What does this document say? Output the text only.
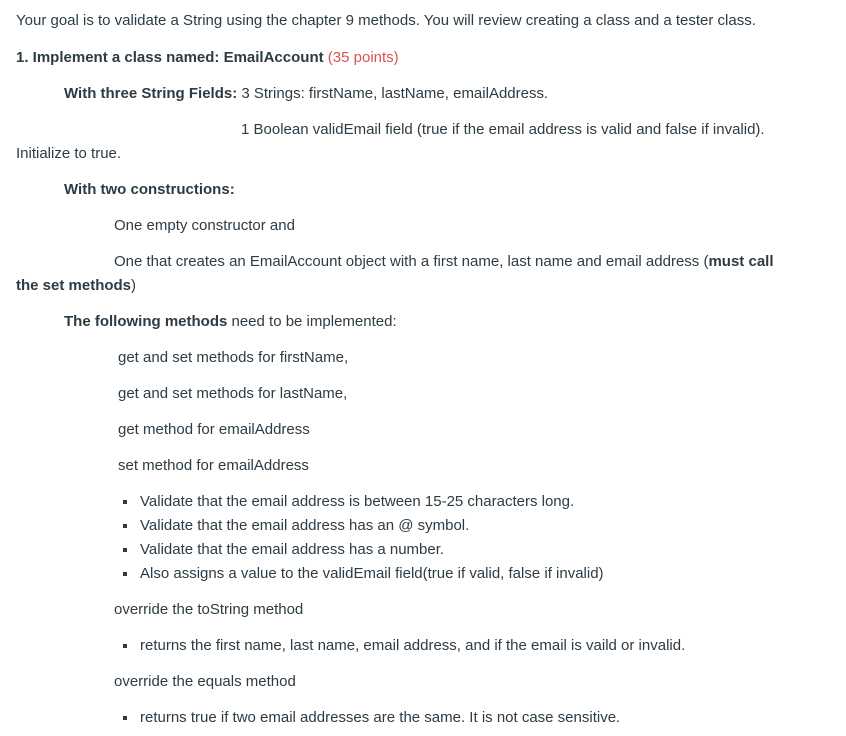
Your goal is to validate a String using the chapter 9 methods. You will review creating a class and a tester class.

1. Implement a class named: EmailAccount (35 points)

With three String Fields: 3 Strings: firstName, lastName, emailAddress.

1 Boolean validEmail field (true if the email address is valid and false if invalid).

Initialize to true.

With two constructions:

One empty constructor and

One that creates an EmailAccount object with a first name, last name and email address (must call

the set methods)

The following methods need to be implemented:

get and set methods for firstName,

get and set methods for lastName,

get method for emailAddress

set method for emailAddress

Validate that the email address is between 15-25 characters long.
Validate that the email address has an @ symbol.
Validate that the email address has a number.
Also assigns a value to the validEmail field(true if valid, false if invalid)

override the toString method

returns the first name, last name, email address, and if the email is vaild or invalid.

override the equals method

returns true if two email addresses are the same. It is not case sensitive.
